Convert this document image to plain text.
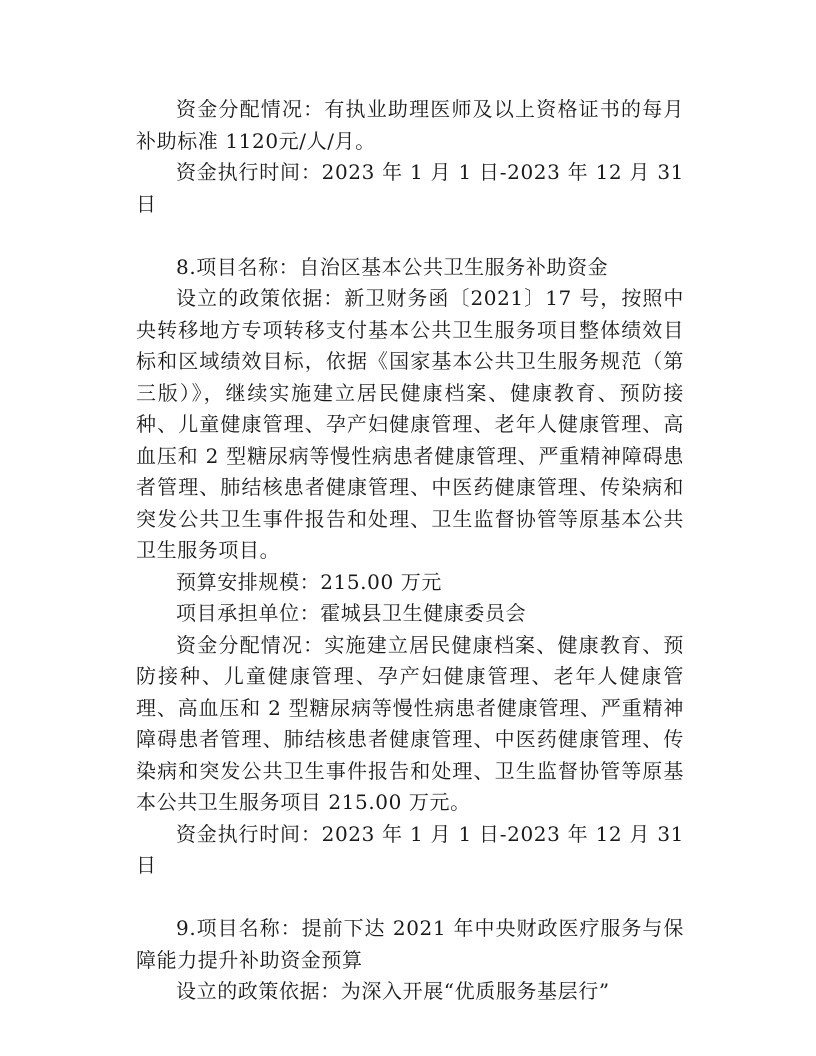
资金分配情况：有执业助理医师及以上资格证书的每月补助标准 1120元/人/月。

资金执行时间：2023 年 1 月 1 日-2023 年 12 月 31 日

8.项目名称：自治区基本公共卫生服务补助资金

设立的政策依据：新卫财务函〔2021〕17 号，按照中央转移地方专项转移支付基本公共卫生服务项目整体绩效目标和区域绩效目标，依据《国家基本公共卫生服务规范（第三版）》，继续实施建立居民健康档案、健康教育、预防接种、儿童健康管理、孕产妇健康管理、老年人健康管理、高血压和 2 型糖尿病等慢性病患者健康管理、严重精神障碍患者管理、肺结核患者健康管理、中医药健康管理、传染病和突发公共卫生事件报告和处理、卫生监督协管等原基本公共卫生服务项目。

预算安排规模：215.00 万元

项目承担单位：霍城县卫生健康委员会

资金分配情况：实施建立居民健康档案、健康教育、预防接种、儿童健康管理、孕产妇健康管理、老年人健康管理、高血压和 2 型糖尿病等慢性病患者健康管理、严重精神障碍患者管理、肺结核患者健康管理、中医药健康管理、传染病和突发公共卫生事件报告和处理、卫生监督协管等原基本公共卫生服务项目 215.00 万元。

资金执行时间：2023 年 1 月 1 日-2023 年 12 月 31 日

9.项目名称：提前下达 2021 年中央财政医疗服务与保障能力提升补助资金预算

设立的政策依据：为深入开展“优质服务基层行”
